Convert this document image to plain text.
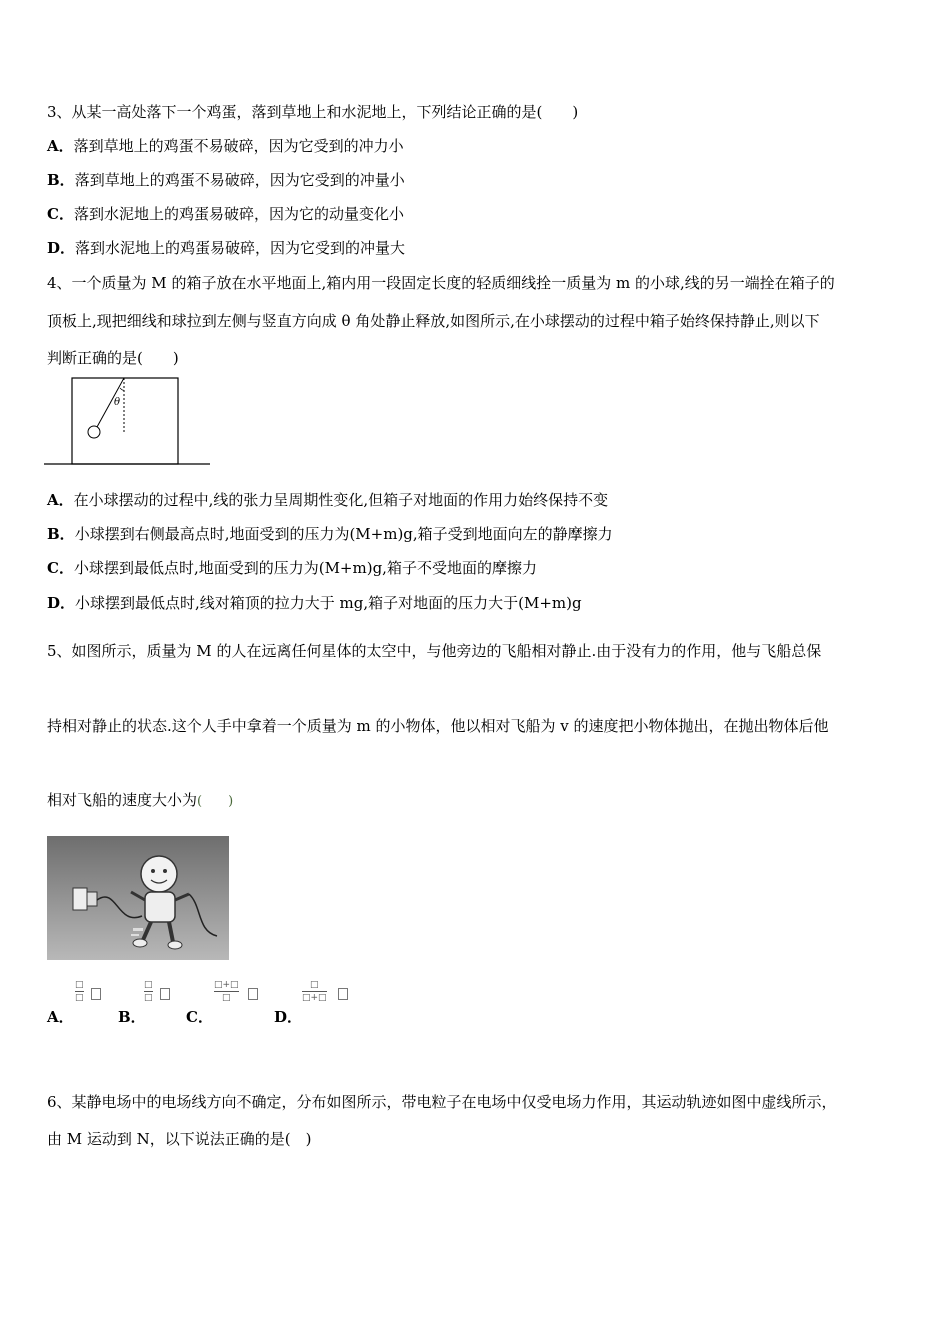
3、从某一高处落下一个鸡蛋，落到草地上和水泥地上，下列结论正确的是(　　)
A．落到草地上的鸡蛋不易破碎，因为它受到的冲力小
B．落到草地上的鸡蛋不易破碎，因为它受到的冲量小
C．落到水泥地上的鸡蛋易破碎，因为它的动量变化小
D．落到水泥地上的鸡蛋易破碎，因为它受到的冲量大
4、一个质量为 M 的箱子放在水平地面上,箱内用一段固定长度的轻质细线拴一质量为 m 的小球,线的另一端拴在箱子的
顶板上,现把细线和球拉到左侧与竖直方向成 θ 角处静止释放,如图所示,在小球摆动的过程中箱子始终保持静止,则以下
判断正确的是(　　)
θ
A．在小球摆动的过程中,线的张力呈周期性变化,但箱子对地面的作用力始终保持不变
B．小球摆到右侧最高点时,地面受到的压力为(M+m)g,箱子受到地面向左的静摩擦力
C．小球摆到最低点时,地面受到的压力为(M+m)g,箱子不受地面的摩擦力
D．小球摆到最低点时,线对箱顶的拉力大于 mg,箱子对地面的压力大于(M+m)g
5、如图所示，质量为 M 的人在远离任何星体的太空中，与他旁边的飞船相对静止.由于没有力的作用，他与飞船总保
持相对静止的状态.这个人手中拿着一个质量为 m 的小物体，他以相对飞船为 v 的速度把小物体抛出，在抛出物体后他
相对飞船的速度大小为(　　)
A．
□
□
B．
□
□
C．
□+□
□
D．
□
□+□
6、某静电场中的电场线方向不确定，分布如图所示，带电粒子在电场中仅受电场力作用，其运动轨迹如图中虚线所示，
由 M 运动到 N，以下说法正确的是(　)
